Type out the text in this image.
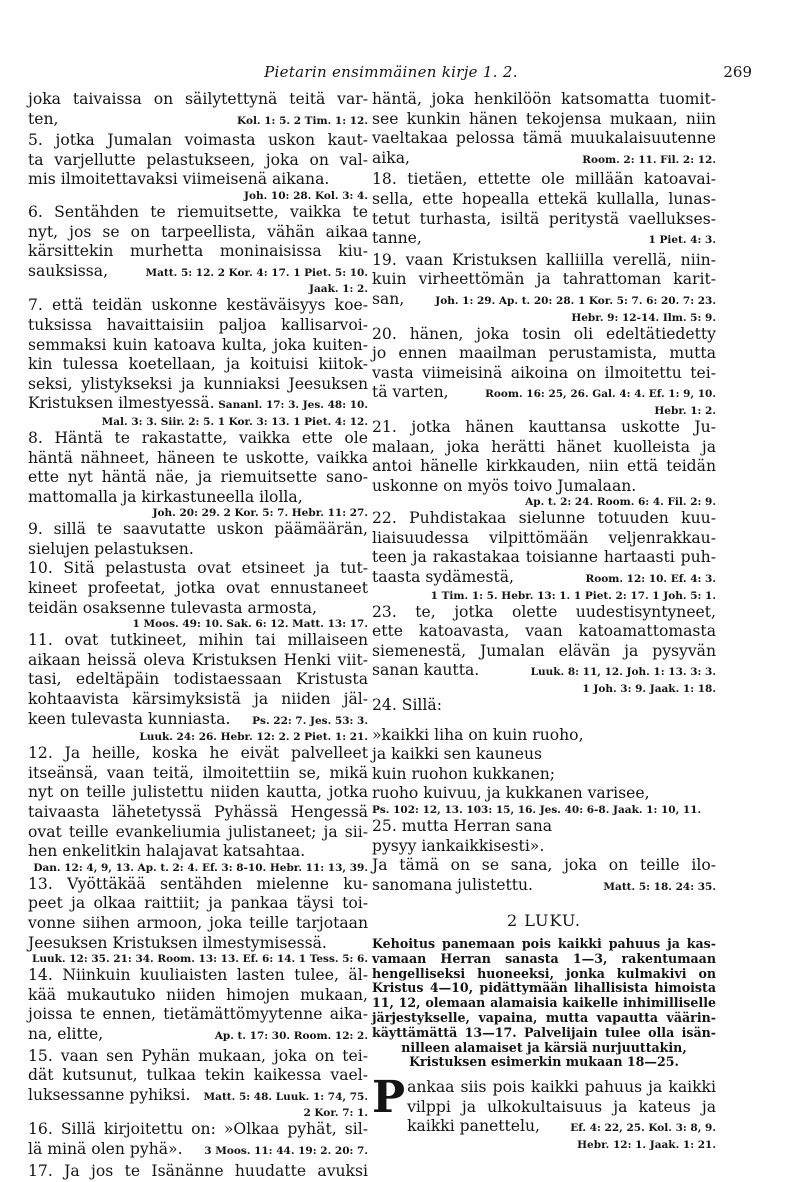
Pietarin ensimmäinen kirje 1. 2.	269
joka taivaissa on säilytettynä teitä var-
ten,	Kol. 1: 5. 2 Tim. 1: 12.
5. jotka Jumalan voimasta uskon kaut-
ta varjellutte pelastukseen, joka on val-
mis ilmoitettavaksi viimeisenä aikana.
Joh. 10: 28. Kol. 3: 4.
6. Sentähden te riemuitsette, vaikka te
nyt, jos se on tarpeellista, vähän aikaa
kärsittekin murhetta moninaisissa kiu-
sauksissa,	Matt. 5: 12. 2 Kor. 4: 17. 1 Piet. 5: 10.
Jaak. 1: 2.
7. että teidän uskonne kestäväisyys koe-
tuksissa havaittaisiin paljoa kallisarvoi-
semmaksi kuin katoava kulta, joka kuiten-
kin tulessa koetellaan, ja koituisi kiitok-
seksi, ylistykseksi ja kunniaksi Jeesuksen
Kristuksen ilmestyessä. Sananl. 17: 3. Jes. 48: 10.
Mal. 3: 3. Siir. 2: 5. 1 Kor. 3: 13. 1 Piet. 4: 12.
8. Häntä te rakastatte, vaikka ette ole
häntä nähneet, häneen te uskotte, vaikka
ette nyt häntä näe, ja riemuitsette sano-
mattomalla ja kirkastuneella ilolla,
Joh. 20: 29. 2 Kor. 5: 7. Hebr. 11: 27.
9. sillä te saavutatte uskon päämäärän,
sielujen pelastuksen.
10. Sitä pelastusta ovat etsineet ja tut-
kineet profeetat, jotka ovat ennustaneet
teidän osaksenne tulevasta armosta,
1 Moos. 49: 10. Sak. 6: 12. Matt. 13: 17.
11. ovat tutkineet, mihin tai millaiseen
aikaan heissä oleva Kristuksen Henki viit-
tasi, edeltäpäin todistaessaan Kristusta
kohtaavista kärsimyksistä ja niiden jäl-
keen tulevasta kunniasta. Ps. 22: 7. Jes. 53: 3.
Luuk. 24: 26. Hebr. 12: 2. 2 Piet. 1: 21.
12. Ja heille, koska he eivät palvelleet
itseänsä, vaan teitä, ilmoitettiin se, mikä
nyt on teille julistettu niiden kautta, jotka
taivaasta lähetetyssä Pyhässä Hengessä
ovat teille evankeliumia julistaneet; ja sii-
hen enkelitkin halajavat katsahtaa.
Dan. 12: 4, 9, 13. Ap. t. 2: 4. Ef. 3: 8-10. Hebr. 11: 13, 39.
13. Vyöttäkää sentähden mielenne ku-
peet ja olkaa raittiit; ja pankaa täysi toi-
vonne siihen armoon, joka teille tarjotaan
Jeesuksen Kristuksen ilmestymisessä.
Luuk. 12: 35. 21: 34. Room. 13: 13. Ef. 6: 14. 1 Tess. 5: 6.
14. Niinkuin kuuliaisten lasten tulee, äl-
kää mukautuko niiden himojen mukaan,
joissa te ennen, tietämättömyytenne aika-
na, elitte,	Ap. t. 17: 30. Room. 12: 2.
15. vaan sen Pyhän mukaan, joka on tei-
dät kutsunut, tulkaa tekin kaikessa vael-
luksessanne pyhiksi. Matt. 5: 48. Luuk. 1: 74, 75.
2 Kor. 7: 1.
16. Sillä kirjoitettu on: »Olkaa pyhät, sil-
lä minä olen pyhä». 3 Moos. 11: 44. 19: 2. 20: 7.
17. Ja jos te Isänänne huudatte avuksi
häntä, joka henkilöön katsomatta tuomit-
see kunkin hänen tekojensa mukaan, niin
vaeltakaa pelossa tämä muukalaisuutenne
aika,	Room. 2: 11. Fil. 2: 12.
18. tietäen, ettette ole millään katoavai-
sella, ette hopealla ettekä kullalla, lunas-
tetut turhasta, isiltä peritystä vaellukses-
tanne,	1 Piet. 4: 3.
19. vaan Kristuksen kalliilla verellä, niin-
kuin virheettömän ja tahrattoman karit-
san,	Joh. 1: 29. Ap. t. 20: 28. 1 Kor. 5: 7. 6: 20. 7: 23.
Hebr. 9: 12-14. Ilm. 5: 9.
20. hänen, joka tosin oli edeltätiedetty
jo ennen maailman perustamista, mutta
vasta viimeisinä aikoina on ilmoitettu tei-
tä varten,	Room. 16: 25, 26. Gal. 4: 4. Ef. 1: 9, 10.
Hebr. 1: 2.
21. jotka hänen kauttansa uskotte Ju-
malaan, joka herätti hänet kuolleista ja
antoi hänelle kirkkauden, niin että teidän
uskonne on myös toivo Jumalaan.
Ap. t. 2: 24. Room. 6: 4. Fil. 2: 9.
22. Puhdistakaa sielunne totuuden kuu-
liaisuudessa vilpittömään veljenrakkau-
teen ja rakastakaa toisianne hartaasti puh-
taasta sydämestä,	Room. 12: 10. Ef. 4: 3.
1 Tim. 1: 5. Hebr. 13: 1. 1 Piet. 2: 17. 1 Joh. 5: 1.
23. te, jotka olette uudestisyntyneet,
ette katoavasta, vaan katoamattomasta
siemenestä, Jumalan elävän ja pysyvän
sanan kautta.	Luuk. 8: 11, 12. Joh. 1: 13. 3: 3.
1 Joh. 3: 9. Jaak. 1: 18.
24. Sillä:
»kaikki liha on kuin ruoho,
ja kaikki sen kauneus
kuin ruohon kukkanen;
ruoho kuivuu, ja kukkanen varisee,
Ps. 102: 12, 13. 103: 15, 16. Jes. 40: 6-8. Jaak. 1: 10, 11.
25. mutta Herran sana
pysyy iankaikkisesti».
Ja tämä on se sana, joka on teille ilo-
sanomana julistettu.	Matt. 5: 18. 24: 35.
2 LUKU.
Kehoitus panemaan pois kaikki pahuus ja kas-
vamaan Herran sanasta 1—3, rakentumaan
hengelliseksi huoneeksi, jonka kulmakivi on
Kristus 4—10, pidättymään lihallisista himoista
11, 12, olemaan alamaisia kaikelle inhimilliselle
järjestykselle, vapaina, mutta vapautta väärin-
käyttämättä 13—17. Palvelijain tulee olla isän-
nilleen alamaiset ja kärsiä nurjuuttakin,
Kristuksen esimerkin mukaan 18—25.
P ankaa siis pois kaikki pahuus ja kaikki
vilppi ja ulkokultaisuus ja kateus ja
kaikki panettelu,	Ef. 4: 22, 25. Kol. 3: 8, 9.
Hebr. 12: 1. Jaak. 1: 21.
